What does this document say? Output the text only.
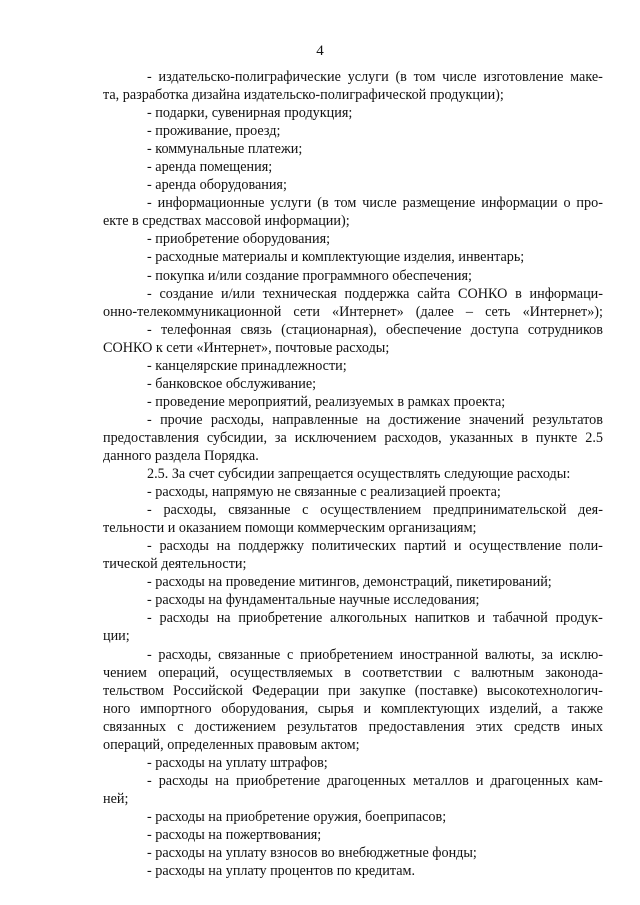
4
- издательско-полиграфические услуги (в том числе изготовление маке-
та, разработка дизайна издательско-полиграфической продукции);
- подарки, сувенирная продукция;
- проживание, проезд;
- коммунальные платежи;
- аренда помещения;
- аренда оборудования;
- информационные услуги (в том числе размещение информации о про-
екте в средствах массовой информации);
- приобретение оборудования;
- расходные материалы и комплектующие изделия, инвентарь;
- покупка и/или создание программного обеспечения;
- создание и/или техническая поддержка сайта СОНКО в информаци-
онно-телекоммуникационной сети «Интернет» (далее – сеть «Интернет»);
- телефонная связь (стационарная), обеспечение доступа сотрудников
СОНКО к сети «Интернет», почтовые расходы;
- канцелярские принадлежности;
- банковское обслуживание;
- проведение мероприятий, реализуемых в рамках проекта;
- прочие расходы, направленные на достижение значений результатов
предоставления субсидии, за исключением расходов, указанных в пункте 2.5
данного раздела Порядка.
2.5. За счет субсидии запрещается осуществлять следующие расходы:
- расходы, напрямую не связанные с реализацией проекта;
- расходы, связанные с осуществлением предпринимательской дея-
тельности и оказанием помощи коммерческим организациям;
- расходы на поддержку политических партий и осуществление поли-
тической деятельности;
- расходы на проведение митингов, демонстраций, пикетирований;
- расходы на фундаментальные научные исследования;
- расходы на приобретение алкогольных напитков и табачной продук-
ции;
- расходы, связанные с приобретением иностранной валюты, за исклю-
чением операций, осуществляемых в соответствии с валютным законода-
тельством Российской Федерации при закупке (поставке) высокотехнологич-
ного импортного оборудования, сырья и комплектующих изделий, а также
связанных с достижением результатов предоставления этих средств иных
операций, определенных правовым актом;
- расходы на уплату штрафов;
- расходы на приобретение драгоценных металлов и драгоценных кам-
ней;
- расходы на приобретение оружия, боеприпасов;
- расходы на пожертвования;
- расходы на уплату взносов во внебюджетные фонды;
- расходы на уплату процентов по кредитам.
